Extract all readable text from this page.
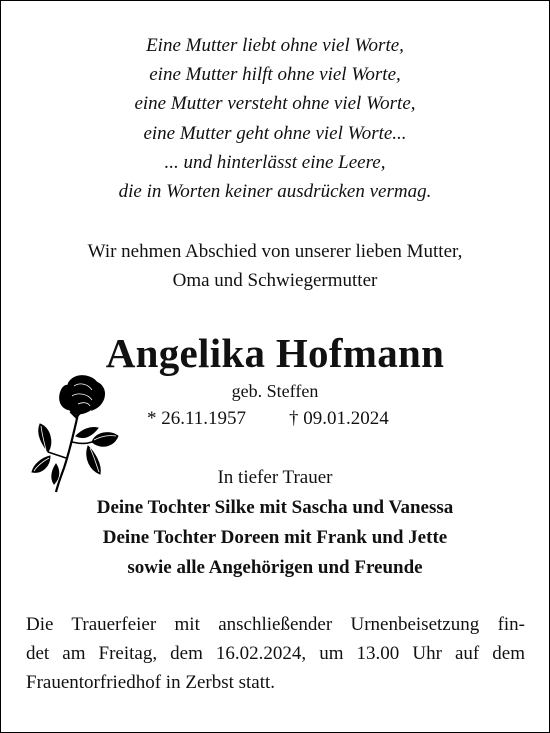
Eine Mutter liebt ohne viel Worte,
eine Mutter hilft ohne viel Worte,
eine Mutter versteht ohne viel Worte,
eine Mutter geht ohne viel Worte...
... und hinterlässt eine Leere,
die in Worten keiner ausdrücken vermag.
Wir nehmen Abschied von unserer lieben Mutter,
Oma und Schwiegermutter
Angelika Hofmann
geb. Steffen
* 26.11.1957 † 09.01.2024
In tiefer Trauer
Deine Tochter Silke mit Sascha und Vanessa
Deine Tochter Doreen mit Frank und Jette
sowie alle Angehörigen und Freunde
Die Trauerfeier mit anschließender Urnenbeisetzung fin-
det am Freitag, dem 16.02.2024, um 13.00 Uhr auf dem
Frauentorfriedhof in Zerbst statt.
